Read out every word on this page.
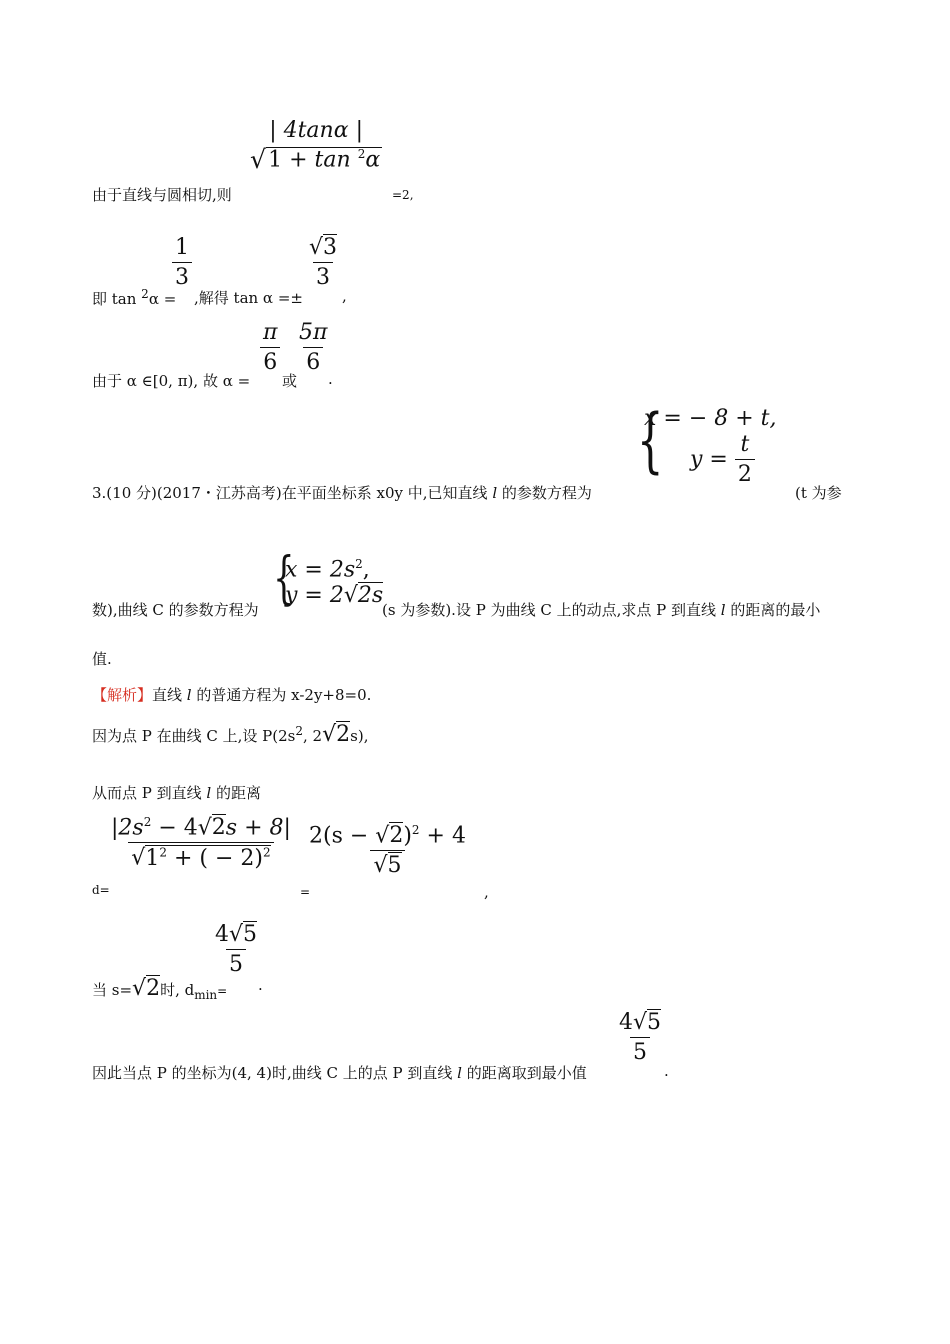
由于直线与圆相切,则
| 4tanα |
√ 1 + tan $^2$α
=2,
即 tan $^2$α =
$\frac{1}{3}$
,解得 tan α =±
$\frac{√3}{3}$
,
由于 α ∈[0, π), 故 α =
$\frac{\pi}{6}$
或
$\frac{5\pi}{6}$
.
3.(10 分)(2017・江苏高考)在平面坐标系 x0y 中,已知直线 l 的参数方程为
{
x = − 8 + t,
$y = \frac{t}{2}$
(t 为参
数),曲线 C 的参数方程为 {
$x = 2s^2$,
y = 2√2s
(s 为参数).设 P 为曲线 C 上的动点,求点 P 到直线 l 的距离的最小
值.
【解析】直线 l 的普通方程为 x-2y+8=0.
因为点 P 在曲线 C 上,设 $P(2s^2$, 2√2s),
从而点 P 到直线 l 的距离
d=
$\frac{|2s^2 - 4√2s + 8|}{√1^2 + ( - 2)^2}$
=
$\frac{2(s - √2)^2 + 4}{√5}$
,
当 s=√2时, $d_{min}=$
$\frac{4√5}{5}$
.
因此当点 P 的坐标为(4, 4)时,曲线 C 上的点 P 到直线 l 的距离取到最小值
$\frac{4√5}{5}$
.
